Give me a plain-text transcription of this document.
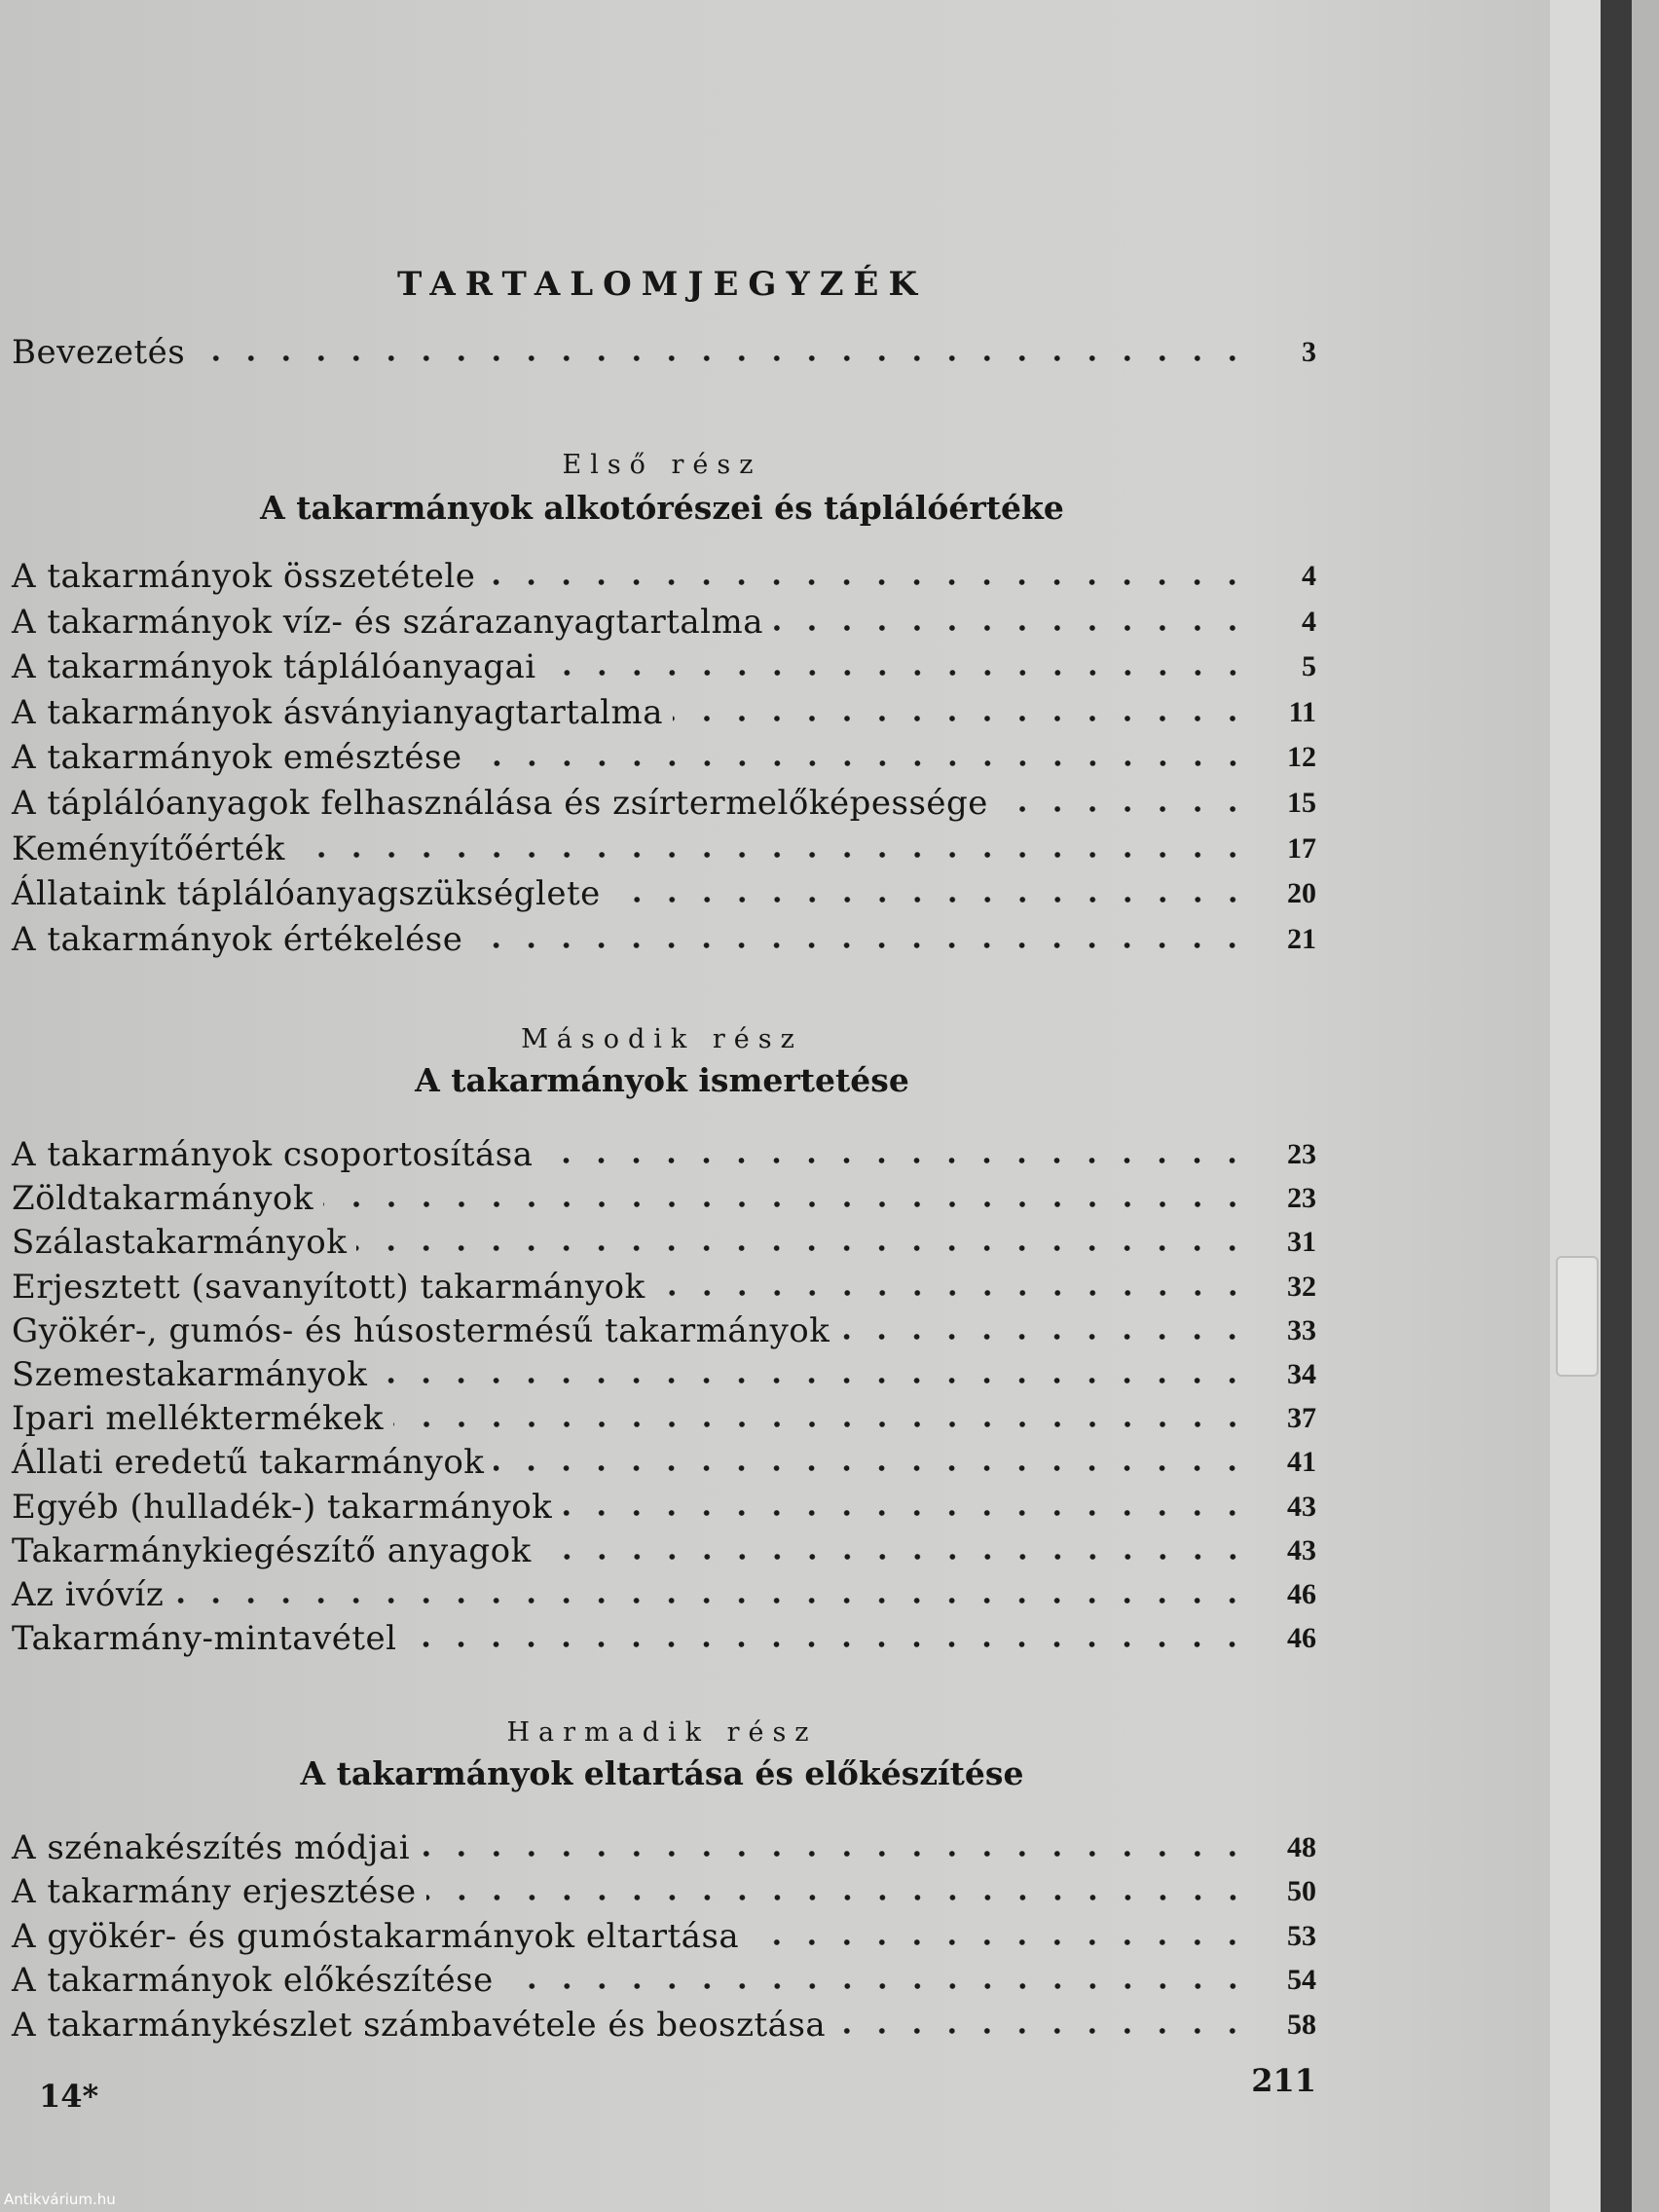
TARTALOMJEGYZÉK
Bevezetés	3
Első rész
A takarmányok alkotórészei és táplálóértéke
A takarmányok összetétele	4
A takarmányok víz- és szárazanyagtartalma	4
A takarmányok táplálóanyagai	5
A takarmányok ásványianyagtartalma	11
A takarmányok emésztése	12
A táplálóanyagok felhasználása és zsírtermelőképessége	15
Keményítőérték	17
Állataink táplálóanyagszükséglete	20
A takarmányok értékelése	21
Második rész
A takarmányok ismertetése
A takarmányok csoportosítása	23
Zöldtakarmányok	23
Szálastakarmányok	31
Erjesztett (savanyított) takarmányok	32
Gyökér-, gumós- és húsostermésű takarmányok	33
Szemestakarmányok	34
Ipari melléktermékek	37
Állati eredetű takarmányok	41
Egyéb (hulladék-) takarmányok	43
Takarmánykiegészítő anyagok	43
Az ivóvíz	46
Takarmány-mintavétel	46
Harmadik rész
A takarmányok eltartása és előkészítése
A szénakészítés módjai	48
A takarmány erjesztése	50
A gyökér- és gumóstakarmányok eltartása	53
A takarmányok előkészítése	54
A takarmánykészlet számbavétele és beosztása	58
14*	211
Antikvárium.hu
